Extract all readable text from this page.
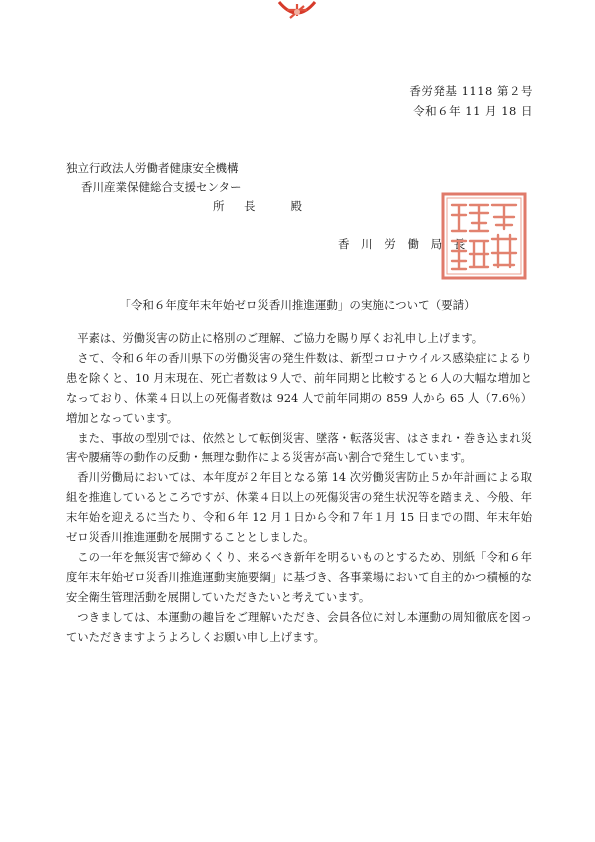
香労発基 1118 第２号
令和６年 11 月 18 日
独立行政法人労働者健康安全機構
香川産業保健総合支援センター
所　長　　殿
香 川 労 働 局 長
「令和６年度年末年始ゼロ災香川推進運動」の実施について（要請）

平素は、労働災害の防止に格別のご理解、ご協力を賜り厚くお礼申し上げます。

さて、令和６年の香川県下の労働災害の発生件数は、新型コロナウイルス感染症によるり患を除くと、10 月末現在、死亡者数は９人で、前年同期と比較すると６人の大幅な増加となっており、休業４日以上の死傷者数は 924 人で前年同期の 859 人から 65 人（7.6％）増加となっています。

また、事故の型別では、依然として転倒災害、墜落・転落災害、はさまれ・巻き込まれ災害や腰痛等の動作の反動・無理な動作による災害が高い割合で発生しています。

香川労働局においては、本年度が２年目となる第 14 次労働災害防止５か年計画による取組を推進しているところですが、休業４日以上の死傷災害の発生状況等を踏まえ、今般、年末年始を迎えるに当たり、令和６年 12 月１日から令和７年１月 15 日までの間、年末年始ゼロ災香川推進運動を展開することとしました。

この一年を無災害で締めくくり、来るべき新年を明るいものとするため、別紙「令和６年度年末年始ゼロ災香川推進運動実施要綱」に基づき、各事業場において自主的かつ積極的な安全衛生管理活動を展開していただきたいと考えています。

つきましては、本運動の趣旨をご理解いただき、会員各位に対し本運動の周知徹底を図っていただきますようよろしくお願い申し上げます。
